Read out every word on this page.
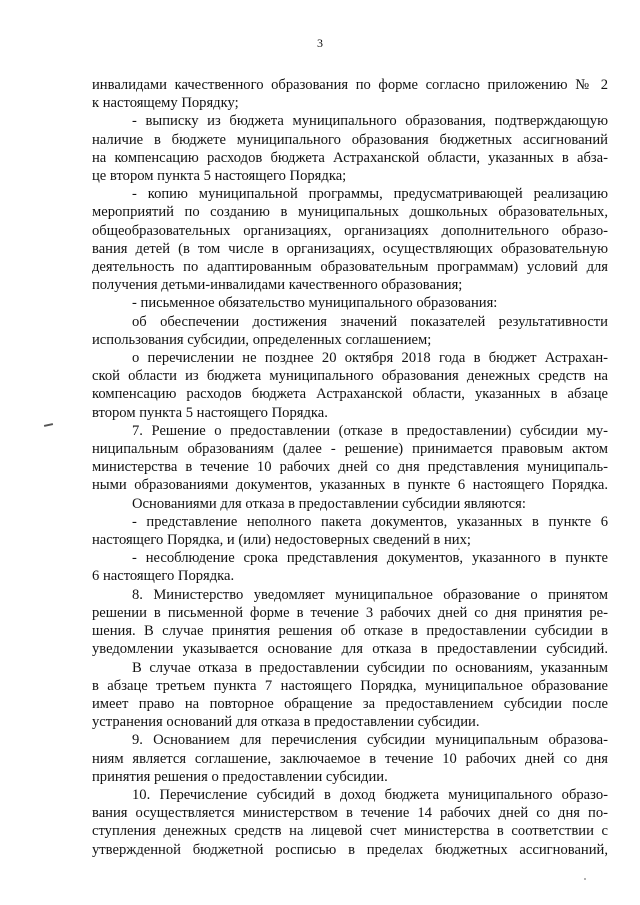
3
инвалидами качественного образования по форме согласно приложению № 2
к настоящему Порядку;
- выписку из бюджета муниципального образования, подтверждающую
наличие в бюджете муниципального образования бюджетных ассигнований
на компенсацию расходов бюджета Астраханской области, указанных в абза-
це втором пункта 5 настоящего Порядка;
- копию муниципальной программы, предусматривающей реализацию
мероприятий по созданию в муниципальных дошкольных образовательных,
общеобразовательных организациях, организациях дополнительного образо-
вания детей (в том числе в организациях, осуществляющих образовательную
деятельность по адаптированным образовательным программам) условий для
получения детьми-инвалидами качественного образования;
- письменное обязательство муниципального образования:
об обеспечении достижения значений показателей результативности
использования субсидии, определенных соглашением;
о перечислении не позднее 20 октября 2018 года в бюджет Астрахан-
ской области из бюджета муниципального образования денежных средств на
компенсацию расходов бюджета Астраханской области, указанных в абзаце
втором пункта 5 настоящего Порядка.
7. Решение о предоставлении (отказе в предоставлении) субсидии му-
ниципальным образованиям (далее - решение) принимается правовым актом
министерства в течение 10 рабочих дней со дня представления муниципаль-
ными образованиями документов, указанных в пункте 6 настоящего Порядка.
Основаниями для отказа в предоставлении субсидии являются:
- представление неполного пакета документов, указанных в пункте 6
настоящего Порядка, и (или) недостоверных сведений в них;
- несоблюдение срока представления документов, указанного в пункте
6 настоящего Порядка.
8. Министерство уведомляет муниципальное образование о принятом
решении в письменной форме в течение 3 рабочих дней со дня принятия ре-
шения. В случае принятия решения об отказе в предоставлении субсидии в
уведомлении указывается основание для отказа в предоставлении субсидий.
В случае отказа в предоставлении субсидии по основаниям, указанным
в абзаце третьем пункта 7 настоящего Порядка, муниципальное образование
имеет право на повторное обращение за предоставлением субсидии после
устранения оснований для отказа в предоставлении субсидии.
9. Основанием для перечисления субсидии муниципальным образова-
ниям является соглашение, заключаемое в течение 10 рабочих дней со дня
принятия решения о предоставлении субсидии.
10. Перечисление субсидий в доход бюджета муниципального образо-
вания осуществляется министерством в течение 14 рабочих дней со дня по-
ступления денежных средств на лицевой счет министерства в соответствии с
утвержденной бюджетной росписью в пределах бюджетных ассигнований,
